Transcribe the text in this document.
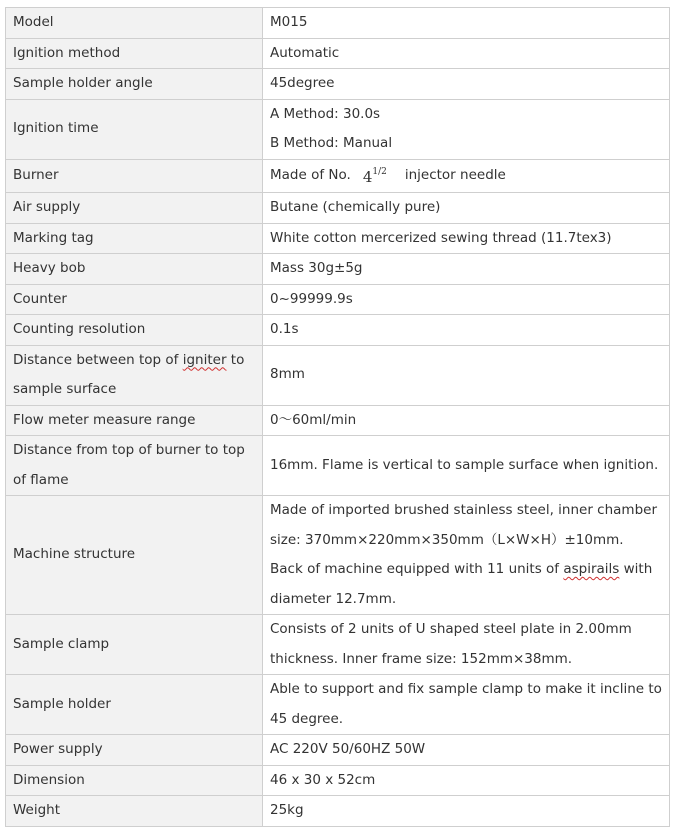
Model	M015
Ignition method	Automatic
Sample holder angle	45degree
Ignition time	A Method: 30.0s
B Method: Manual

Burner	Made of No. $4^{1/2}$ injector needle
Air supply	Butane (chemically pure)
Marking tag	White cotton mercerized sewing thread (11.7tex3)
Heavy bob	Mass 30g±5g
Counter	0~99999.9s
Counting resolution	0.1s

Distance between top of igniter to
sample surface	8mm
Flow meter measure range	0～60ml/min

Distance from top of burner to top
of flame	16mm. Flame is vertical to sample surface when ignition.
Machine structure	Made of imported brushed stainless steel, inner chamber
size: 370mm×220mm×350mm（L×W×H）±10mm.
Back of machine equipped with 11 units of aspirails with
diameter 12.7mm.

Sample clamp	Consists of 2 units of U shaped steel plate in 2.00mm
thickness. Inner frame size: 152mm×38mm.

Sample holder	Able to support and fix sample clamp to make it incline to
45 degree.

Power supply	AC 220V 50/60HZ 50W
Dimension	46 x 30 x 52cm
Weight	25kg
